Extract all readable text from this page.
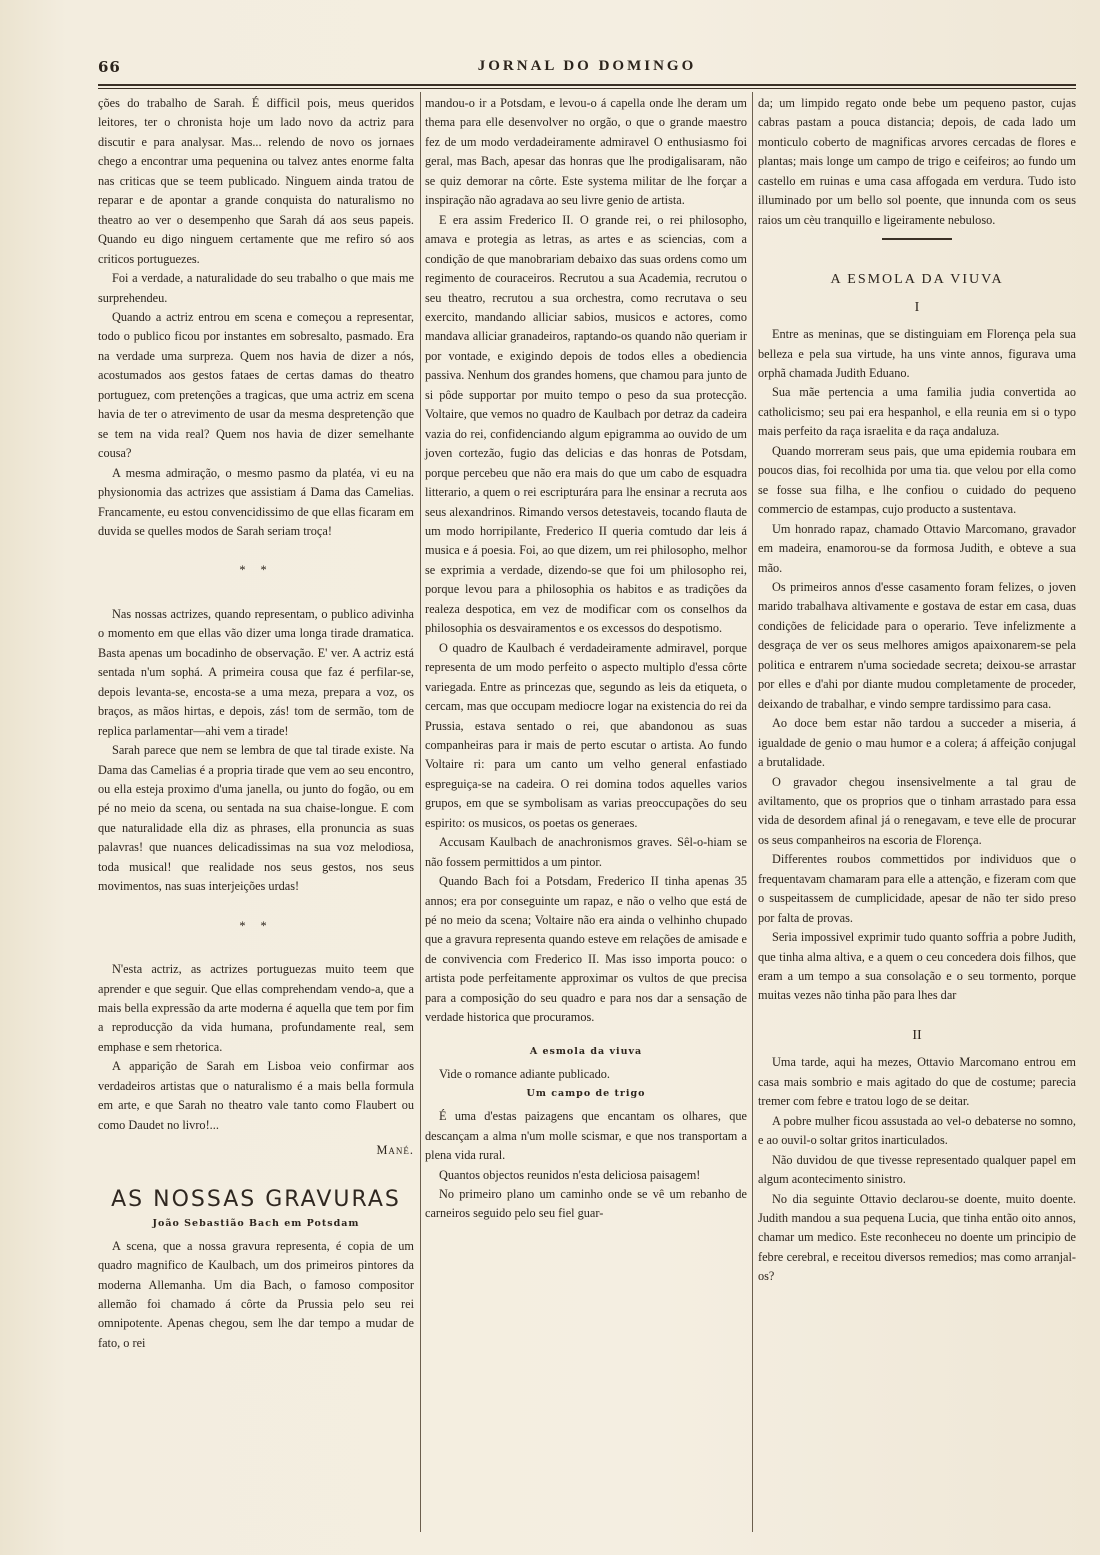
66	JORNAL DO DOMINGO

ções do trabalho de Sarah. É difficil pois, meus queridos leitores, ter o chronista hoje um lado novo da actriz para discutir e para analysar. Mas... relendo de novo os jornaes chego a encontrar uma pequenina ou talvez antes enorme falta nas criticas que se teem publicado. Ninguem ainda tratou de reparar e de apontar a grande conquista do naturalismo no theatro ao ver o desempenho que Sarah dá aos seus papeis. Quando eu digo ninguem certamente que me refiro só aos criticos portuguezes.

Foi a verdade, a naturalidade do seu trabalho o que mais me surprehendeu.

Quando a actriz entrou em scena e começou a representar, todo o publico ficou por instantes em sobresalto, pasmado. Era na verdade uma surpreza. Quem nos havia de dizer a nós, acostumados aos gestos fataes de certas damas do theatro portuguez, com pretenções a tragicas, que uma actriz em scena havia de ter o atrevimento de usar da mesma despretenção que se tem na vida real? Quem nos havia de dizer semelhante cousa?

A mesma admiração, o mesmo pasmo da platéa, vi eu na physionomia das actrizes que assistiam á Dama das Camelias. Francamente, eu estou convencidissimo de que ellas ficaram em duvida se quelles modos de Sarah seriam troça!

* *

Nas nossas actrizes, quando representam, o publico adivinha o momento em que ellas vão dizer uma longa tirade dramatica. Basta apenas um bocadinho de observação. E' ver. A actriz está sentada n'um sophá. A primeira cousa que faz é perfilar-se, depois levanta-se, encosta-se a uma meza, prepara a voz, os braços, as mãos hirtas, e depois, zás! tom de sermão, tom de replica parlamentar—ahi vem a tirade!

Sarah parece que nem se lembra de que tal tirade existe. Na Dama das Camelias é a propria tirade que vem ao seu encontro, ou ella esteja proximo d'uma janella, ou junto do fogão, ou em pé no meio da scena, ou sentada na sua chaise-longue. E com que naturalidade ella diz as phrases, ella pronuncia as suas palavras! que nuances delicadissimas na sua voz melodiosa, toda musical! que realidade nos seus gestos, nos seus movimentos, nas suas interjeições urdas!

* *

N'esta actriz, as actrizes portuguezas muito teem que aprender e que seguir. Que ellas comprehendam vendo-a, que a mais bella expressão da arte moderna é aquella que tem por fim a reproducção da vida humana, profundamente real, sem emphase e sem rhetorica.

A apparição de Sarah em Lisboa veio confirmar aos verdadeiros artistas que o naturalismo é a mais bella formula em arte, e que Sarah no theatro vale tanto como Flaubert ou como Daudet no livro!...

Mané.
AS NOSSAS GRAVURAS
João Sebastião Bach em Potsdam

A scena, que a nossa gravura representa, é copia de um quadro magnifico de Kaulbach, um dos primeiros pintores da moderna Allemanha. Um dia Bach, o famoso compositor allemão foi chamado á côrte da Prussia pelo seu rei omnipotente. Apenas chegou, sem lhe dar tempo a mudar de fato, o rei

mandou-o ir a Potsdam, e levou-o á capella onde lhe deram um thema para elle desenvolver no orgão, o que o grande maestro fez de um modo verdadeiramente admiravel O enthusiasmo foi geral, mas Bach, apesar das honras que lhe prodigalisaram, não se quiz demorar na côrte. Este systema militar de lhe forçar a inspiração não agradava ao seu livre genio de artista.

E era assim Frederico II. O grande rei, o rei philosopho, amava e protegia as letras, as artes e as sciencias, com a condição de que manobrariam debaixo das suas ordens como um regimento de couraceiros. Recrutou a sua Academia, recrutou o seu theatro, recrutou a sua orchestra, como recrutava o seu exercito, mandando alliciar sabios, musicos e actores, como mandava alliciar granadeiros, raptando-os quando não queriam ir por vontade, e exigindo depois de todos elles a obediencia passiva. Nenhum dos grandes homens, que chamou para junto de si pôde supportar por muito tempo o peso da sua protecção. Voltaire, que vemos no quadro de Kaulbach por detraz da cadeira vazia do rei, confidenciando algum epigramma ao ouvido de um joven cortezão, fugio das delicias e das honras de Potsdam, porque percebeu que não era mais do que um cabo de esquadra litterario, a quem o rei escripturára para lhe ensinar a recruta aos seus alexandrinos. Rimando versos detestaveis, tocando flauta de um modo horripilante, Frederico II queria comtudo dar leis á musica e á poesia. Foi, ao que dizem, um rei philosopho, melhor se exprimia a verdade, dizendo-se que foi um philosopho rei, porque levou para a philosophia os habitos e as tradições da realeza despotica, em vez de modificar com os conselhos da philosophia os desvairamentos e os excessos do despotismo.

O quadro de Kaulbach é verdadeiramente admiravel, porque representa de um modo perfeito o aspecto multiplo d'essa côrte variegada. Entre as princezas que, segundo as leis da etiqueta, o cercam, mas que occupam mediocre logar na existencia do rei da Prussia, estava sentado o rei, que abandonou as suas companheiras para ir mais de perto escutar o artista. Ao fundo Voltaire ri: para um canto um velho general enfastiado espreguiça-se na cadeira. O rei domina todos aquelles varios grupos, em que se symbolisam as varias preoccupações do seu espirito: os musicos, os poetas os generaes.

Accusam Kaulbach de anachronismos graves. Sêl-o-hiam se não fossem permittidos a um pintor.

Quando Bach foi a Potsdam, Frederico II tinha apenas 35 annos; era por conseguinte um rapaz, e não o velho que está de pé no meio da scena; Voltaire não era ainda o velhinho chupado que a gravura representa quando esteve em relações de amisade e de convivencia com Frederico II. Mas isso importa pouco: o artista pode perfeitamente approximar os vultos de que precisa para a composição do seu quadro e para nos dar a sensação de verdade historica que procuramos.

A esmola da viuva

Vide o romance adiante publicado.

Um campo de trigo

É uma d'estas paizagens que encantam os olhares, que descançam a alma n'um molle scismar, e que nos transportam a plena vida rural.

Quantos objectos reunidos n'esta deliciosa paisagem!

No primeiro plano um caminho onde se vê um rebanho de carneiros seguido pelo seu fiel guar-

da; um limpido regato onde bebe um pequeno pastor, cujas cabras pastam a pouca distancia; depois, de cada lado um monticulo coberto de magnificas arvores cercadas de flores e plantas; mais longe um campo de trigo e ceifeiros; ao fundo um castello em ruinas e uma casa affogada em verdura. Tudo isto illuminado por um bello sol poente, que innunda com os seus raios um cèu tranquillo e ligeiramente nebuloso.

A ESMOLA DA VIUVA
I

Entre as meninas, que se distinguiam em Florença pela sua belleza e pela sua virtude, ha uns vinte annos, figurava uma orphã chamada Judith Eduano.

Sua mãe pertencia a uma familia judia convertida ao catholicismo; seu pai era hespanhol, e ella reunia em si o typo mais perfeito da raça israelita e da raça andaluza.

Quando morreram seus pais, que uma epidemia roubara em poucos dias, foi recolhida por uma tia. que velou por ella como se fosse sua filha, e lhe confiou o cuidado do pequeno commercio de estampas, cujo producto a sustentava.

Um honrado rapaz, chamado Ottavio Marcomano, gravador em madeira, enamorou-se da formosa Judith, e obteve a sua mão.

Os primeiros annos d'esse casamento foram felizes, o joven marido trabalhava altivamente e gostava de estar em casa, duas condições de felicidade para o operario. Teve infelizmente a desgraça de ver os seus melhores amigos apaixonarem-se pela politica e entrarem n'uma sociedade secreta; deixou-se arrastar por elles e d'ahi por diante mudou completamente de proceder, deixando de trabalhar, e vindo sempre tardissimo para casa.

Ao doce bem estar não tardou a succeder a miseria, á igualdade de genio o mau humor e a colera; á affeição conjugal a brutalidade.

O gravador chegou insensivelmente a tal grau de aviltamento, que os proprios que o tinham arrastado para essa vida de desordem afinal já o renegavam, e teve elle de procurar os seus companheiros na escoria de Florença.

Differentes roubos commettidos por individuos que o frequentavam chamaram para elle a attenção, e fizeram com que o suspeitassem de cumplicidade, apesar de não ter sido preso por falta de provas.

Seria impossivel exprimir tudo quanto soffria a pobre Judith, que tinha alma altiva, e a quem o ceu concedera dois filhos, que eram a um tempo a sua consolação e o seu tormento, porque muitas vezes não tinha pão para lhes dar

II

Uma tarde, aqui ha mezes, Ottavio Marcomano entrou em casa mais sombrio e mais agitado do que de costume; parecia tremer com febre e tratou logo de se deitar.

A pobre mulher ficou assustada ao vel-o debaterse no somno, e ao ouvil-o soltar gritos inarticulados.

Não duvidou de que tivesse representado qualquer papel em algum acontecimento sinistro.

No dia seguinte Ottavio declarou-se doente, muito doente. Judith mandou a sua pequena Lucia, que tinha então oito annos, chamar um medico. Este reconheceu no doente um principio de febre cerebral, e receitou diversos remedios; mas como arranjal-os?
